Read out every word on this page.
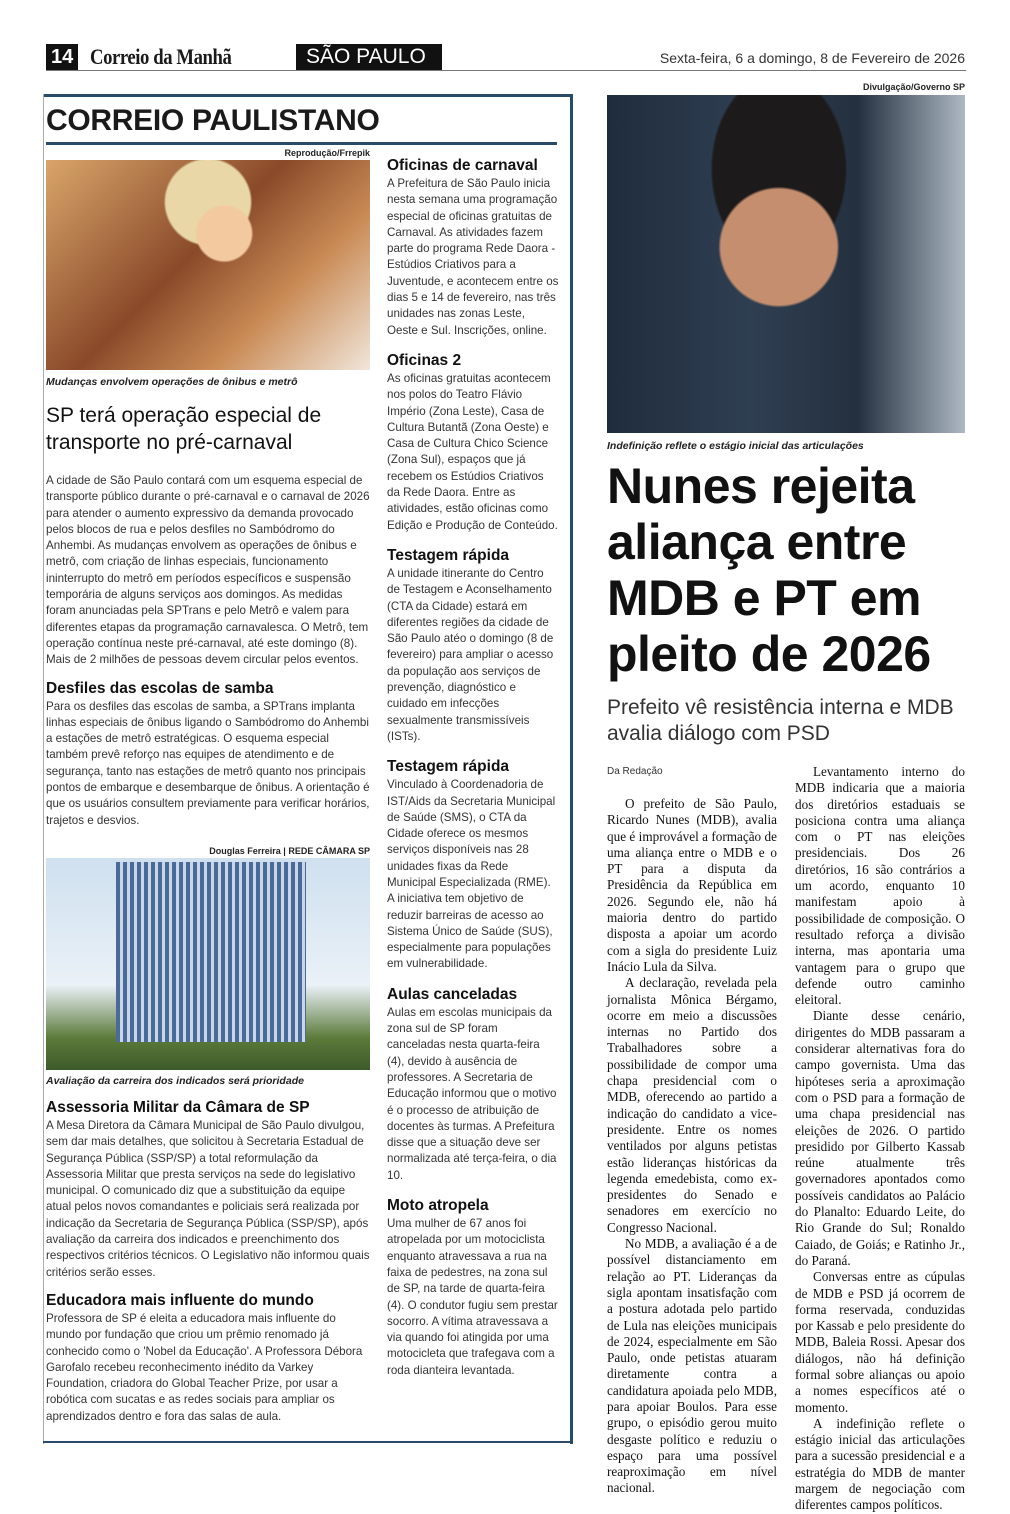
14 Correio da Manhã	SÃO PAULO	Sexta-feira, 6 a domingo, 8 de Fevereiro de 2026
CORREIO PAULISTANO
Reprodução/Frrepik
Mudanças envolvem operações de ônibus e metrô
SP terá operação especial de transporte no pré-carnaval

A cidade de São Paulo contará com um esquema especial de transporte público durante o pré-carnaval e o carnaval de 2026 para atender o aumento expressivo da demanda provocado pelos blocos de rua e pelos desfiles no Sambódromo do Anhembi. As mudanças envolvem as operações de ônibus e metrô, com criação de linhas especiais, funcionamento ininterrupto do metrô em períodos específicos e suspensão temporária de alguns serviços aos domingos. As medidas foram anunciadas pela SPTrans e pelo Metrô e valem para diferentes etapas da programação carnavalesca. O Metrô, tem operação contínua neste pré-carnaval, até este domingo (8). Mais de 2 milhões de pessoas devem circular pelos eventos.

Desfiles das escolas de samba

Para os desfiles das escolas de samba, a SPTrans implanta linhas especiais de ônibus ligando o Sambódromo do Anhembi a estações de metrô estratégicas. O esquema especial também prevê reforço nas equipes de atendimento e de segurança, tanto nas estações de metrô quanto nos principais pontos de embarque e desembarque de ônibus. A orientação é que os usuários consultem previamente para verificar horários, trajetos e desvios.

Douglas Ferreira | REDE CÂMARA SP
Avaliação da carreira dos indicados será prioridade
Assessoria Militar da Câmara de SP

A Mesa Diretora da Câmara Municipal de São Paulo divulgou, sem dar mais detalhes, que solicitou à Secretaria Estadual de Segurança Pública (SSP/SP) a total reformulação da Assessoria Militar que presta serviços na sede do legislativo municipal. O comunicado diz que a substituição da equipe atual pelos novos comandantes e policiais será realizada por indicação da Secretaria de Segurança Pública (SSP/SP), após avaliação da carreira dos indicados e preenchimento dos respectivos critérios técnicos. O Legislativo não informou quais critérios serão esses.

Educadora mais influente do mundo

Professora de SP é eleita a educadora mais influente do mundo por fundação que criou um prêmio renomado já conhecido como o 'Nobel da Educação'. A Professora Débora Garofalo recebeu reconhecimento inédito da Varkey Foundation, criadora do Global Teacher Prize, por usar a robótica com sucatas e as redes sociais para ampliar os aprendizados dentro e fora das salas de aula.

Oficinas de carnaval
A Prefeitura de São Paulo inicia nesta semana uma programação especial de oficinas gratuitas de Carnaval. As atividades fazem parte do programa Rede Daora - Estúdios Criativos para a Juventude, e acontecem entre os dias 5 e 14 de fevereiro, nas três unidades nas zonas Leste, Oeste e Sul. Inscrições, online.
Oficinas 2
As oficinas gratuitas acontecem nos polos do Teatro Flávio Império (Zona Leste), Casa de Cultura Butantã (Zona Oeste) e Casa de Cultura Chico Science (Zona Sul), espaços que já recebem os Estúdios Criativos da Rede Daora. Entre as atividades, estão oficinas como Edição e Produção de Conteúdo.
Testagem rápida
A unidade itinerante do Centro de Testagem e Aconselhamento (CTA da Cidade) estará em diferentes regiões da cidade de São Paulo atéo o domingo (8 de fevereiro) para ampliar o acesso da população aos serviços de prevenção, diagnóstico e cuidado em infecções sexualmente transmissíveis (ISTs).
Testagem rápida
Vinculado à Coordenadoria de IST/Aids da Secretaria Municipal de Saúde (SMS), o CTA da Cidade oferece os mesmos serviços disponíveis nas 28 unidades fixas da Rede Municipal Especializada (RME). A iniciativa tem objetivo de reduzir barreiras de acesso ao Sistema Único de Saúde (SUS), especialmente para populações em vulnerabilidade.
Aulas canceladas
Aulas em escolas municipais da zona sul de SP foram canceladas nesta quarta-feira (4), devido à ausência de professores. A Secretaria de Educação informou que o motivo é o processo de atribuição de docentes às turmas. A Prefeitura disse que a situação deve ser normalizada até terça-feira, o dia 10.
Moto atropela
Uma mulher de 67 anos foi atropelada por um motociclista enquanto atravessava a rua na faixa de pedestres, na zona sul de SP, na tarde de quarta-feira (4). O condutor fugiu sem prestar socorro. A vítima atravessava a via quando foi atingida por uma motocicleta que trafegava com a roda dianteira levantada.
Divulgação/Governo SP
Indefinição reflete o estágio inicial das articulações
Nunes rejeita aliança entre MDB e PT em pleito de 2026
Prefeito vê resistência interna e MDB avalia diálogo com PSD
Da Redação

O prefeito de São Paulo, Ricardo Nunes (MDB), avalia que é improvável a formação de uma aliança entre o MDB e o PT para a disputa da Presidência da República em 2026. Segundo ele, não há maioria dentro do partido disposta a apoiar um acordo com a sigla do presidente Luiz Inácio Lula da Silva.

A declaração, revelada pela jornalista Mônica Bérgamo, ocorre em meio a discussões internas no Partido dos Trabalhadores sobre a possibilidade de compor uma chapa presidencial com o MDB, oferecendo ao partido a indicação do candidato a vice-presidente. Entre os nomes ventilados por alguns petistas estão lideranças históricas da legenda emedebista, como ex-presidentes do Senado e senadores em exercício no Congresso Nacional.

No MDB, a avaliação é a de possível distanciamento em relação ao PT. Lideranças da sigla apontam insatisfação com a postura adotada pelo partido de Lula nas eleições municipais de 2024, especialmente em São Paulo, onde petistas atuaram diretamente contra a candidatura apoiada pelo MDB, para apoiar Boulos. Para esse grupo, o episódio gerou muito desgaste político e reduziu o espaço para uma possível reaproximação em nível nacional.

Levantamento interno do MDB indicaria que a maioria dos diretórios estaduais se posiciona contra uma aliança com o PT nas eleições presidenciais. Dos 26 diretórios, 16 são contrários a um acordo, enquanto 10 manifestam apoio à possibilidade de composição. O resultado reforça a divisão interna, mas apontaria uma vantagem para o grupo que defende outro caminho eleitoral.

Diante desse cenário, dirigentes do MDB passaram a considerar alternativas fora do campo governista. Uma das hipóteses seria a aproximação com o PSD para a formação de uma chapa presidencial nas eleições de 2026. O partido presidido por Gilberto Kassab reúne atualmente três governadores apontados como possíveis candidatos ao Palácio do Planalto: Eduardo Leite, do Rio Grande do Sul; Ronaldo Caiado, de Goiás; e Ratinho Jr., do Paraná.

Conversas entre as cúpulas de MDB e PSD já ocorrem de forma reservada, conduzidas por Kassab e pelo presidente do MDB, Baleia Rossi. Apesar dos diálogos, não há definição formal sobre alianças ou apoio a nomes específicos até o momento.

A indefinição reflete o estágio inicial das articulações para a sucessão presidencial e a estratégia do MDB de manter margem de negociação com diferentes campos políticos.
